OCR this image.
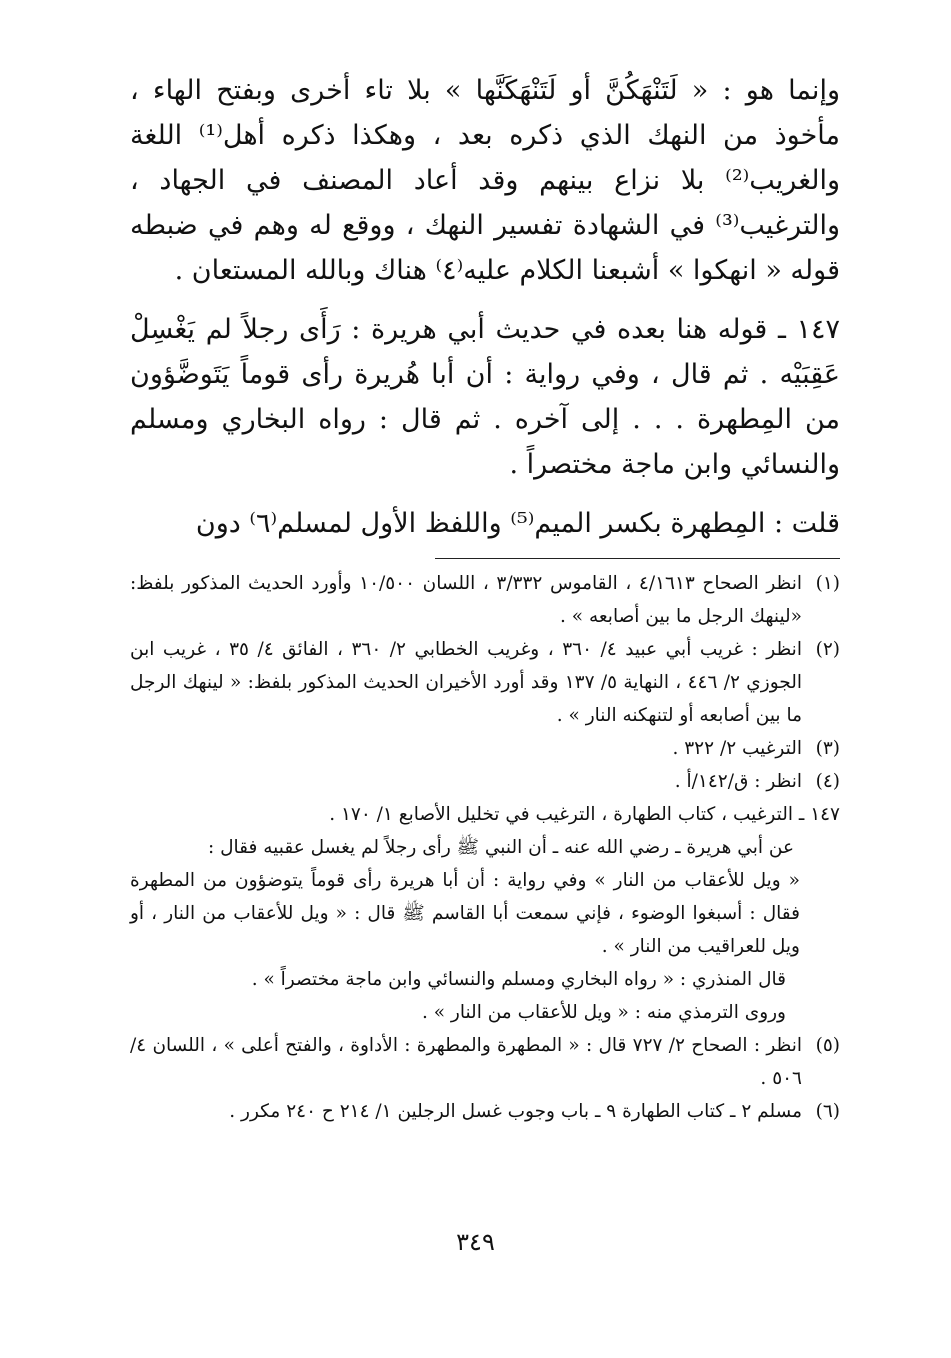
وإنما هو : « لَتَنْهَكُنَّ أو لَتَنْهَكَنَّها » بلا تاء أخرى وبفتح الهاء ، مأخوذ من النهك الذي ذكره بعد ، وهكذا ذكره أهل⁽¹⁾ اللغة والغريب⁽²⁾ بلا نزاع بينهم وقد أعاد المصنف في الجهاد ، والترغيب⁽³⁾ في الشهادة تفسير النهك ، ووقع له وهم في ضبطه قوله « انهكوا » أشبعنا الكلام عليه⁽٤⁾ هناك وبالله المستعان .

١٤٧ ـ قوله هنا بعده في حديث أبي هريرة : رَأَى رجلاً لم يَغْسِلْ عَقِبَيْه . ثم قال ، وفي رواية : أن أبا هُريرة رأى قوماً يَتَوضَّؤون من المِطهرة . . . إلى آخره . ثم قال : رواه البخاري ومسلم والنسائي وابن ماجة مختصراً .

قلت : المِطهرة بكسر الميم⁽⁵⁾ واللفظ الأول لمسلم⁽٦⁾ دون

(١)
انظر الصحاح ٤/١٦١٣ ، القاموس ٣/٣٣٢ ، اللسان ١٠/٥٠٠ وأورد الحديث المذكور بلفظ: «لينهك الرجل ما بين أصابعه » .
(٢)
انظر : غريب أبي عبيد ٤/ ٣٦٠ ، وغريب الخطابي ٢/ ٣٦٠ ، الفائق ٤/ ٣٥ ، غريب ابن الجوزي ٢/ ٤٤٦ ، النهاية ٥/ ١٣٧ وقد أورد الأخيران الحديث المذكور بلفظ: « لينهك الرجل ما بين أصابعه أو لتنهكنه النار » .
(٣)
الترغيب ٢/ ٣٢٢ .
(٤)
انظر : ق/١٤٢/أ .

١٤٧ ـ الترغيب ، كتاب الطهارة ، الترغيب في تخليل الأصابع ١/ ١٧٠ .

عن أبي هريرة ـ رضي الله عنه ـ أن النبي ﷺ رأى رجلاً لم يغسل عقبيه فقال :

« ويل للأعقاب من النار » وفي رواية : أن أبا هريرة رأى قوماً يتوضؤون من المطهرة فقال : أسبغوا الوضوء ، فإني سمعت أبا القاسم ﷺ قال : « ويل للأعقاب من النار ، أو ويل للعراقيب من النار » .

قال المنذري : « رواه البخاري ومسلم والنسائي وابن ماجة مختصراً » .

وروى الترمذي منه : « ويل للأعقاب من النار » .

(٥)
انظر : الصحاح ٢/ ٧٢٧ قال : « المطهرة والمطهرة : الأداوة ، والفتح أعلى » ، اللسان ٤/ ٥٠٦ .
(٦)
مسلم ٢ ـ كتاب الطهارة ٩ ـ باب وجوب غسل الرجلين ١/ ٢١٤ ح ٢٤٠ مكرر .
٣٤٩
